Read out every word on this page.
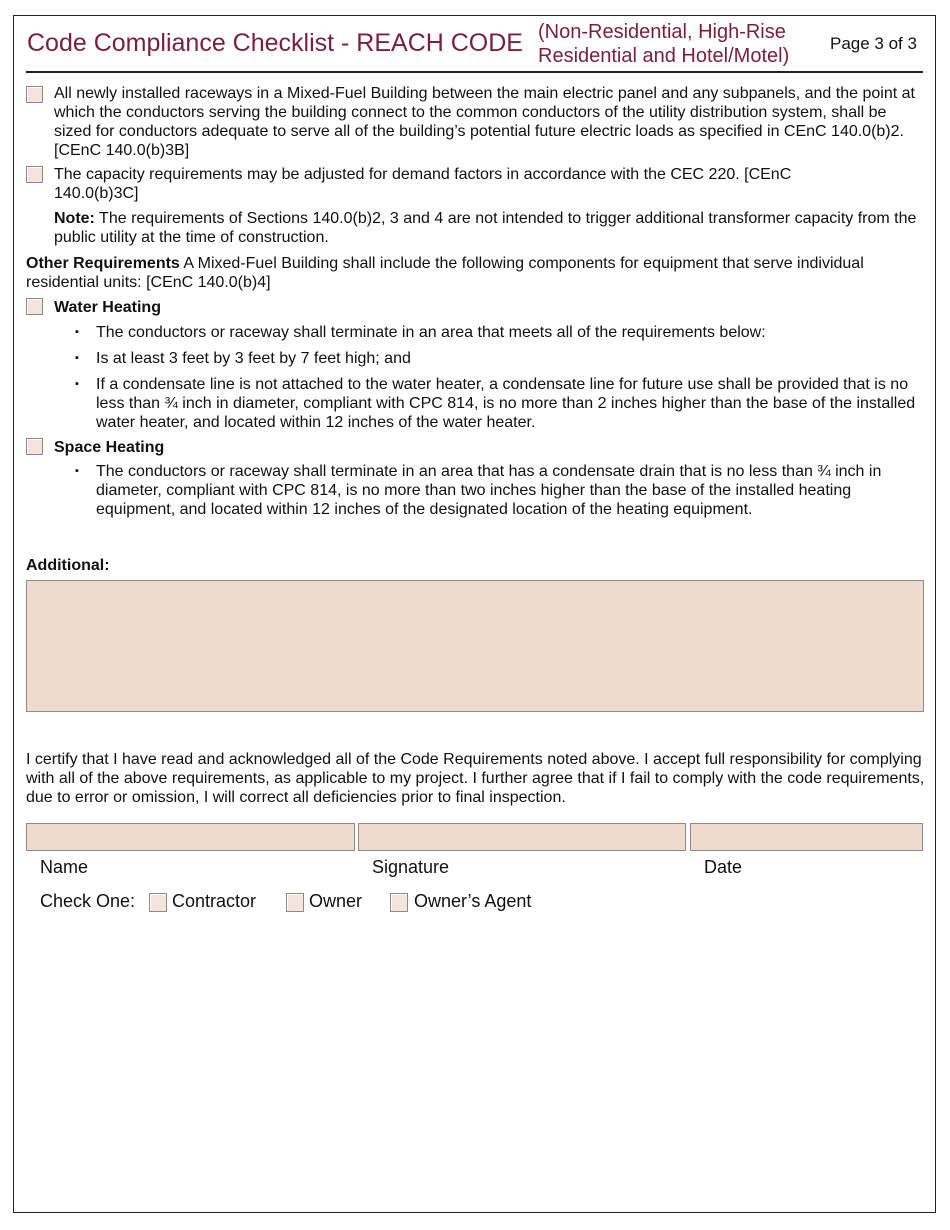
Code Compliance Checklist - REACH CODE (Non-Residential, High-Rise
Residential and Hotel/Motel)
Page 3 of 3
All newly installed raceways in a Mixed-Fuel Building between the main electric panel and any subpanels, and the point at which the conductors serving the building connect to the common conductors of the utility distribution system, shall be sized for conductors adequate to serve all of the building’s potential future electric loads as specified in CEnC 140.0(b)2. [CEnC 140.0(b)3B]
The capacity requirements may be adjusted for demand factors in accordance with the CEC 220. [CEnC 140.0(b)3C]
Note: The requirements of Sections 140.0(b)2, 3 and 4 are not intended to trigger additional transformer capacity from the public utility at the time of construction.
Other Requirements A Mixed-Fuel Building shall include the following components for equipment that serve individual residential units: [CEnC 140.0(b)4]
Water Heating
▪ The conductors or raceway shall terminate in an area that meets all of the requirements below:
▪ Is at least 3 feet by 3 feet by 7 feet high; and
▪ If a condensate line is not attached to the water heater, a condensate line for future use shall be provided that is no less than ¾ inch in diameter, compliant with CPC 814, is no more than 2 inches higher than the base of the installed water heater, and located within 12 inches of the water heater.
Space Heating
▪ The conductors or raceway shall terminate in an area that has a condensate drain that is no less than ¾ inch in diameter, compliant with CPC 814, is no more than two inches higher than the base of the installed heating equipment, and located within 12 inches of the designated location of the heating equipment.
Additional:
I certify that I have read and acknowledged all of the Code Requirements noted above. I accept full responsibility for complying with all of the above requirements, as applicable to my project. I further agree that if I fail to comply with the code requirements, due to error or omission, I will correct all deficiencies prior to final inspection.
Name	Signature	Date
Check One: Contractor	Owner	Owner’s Agent
